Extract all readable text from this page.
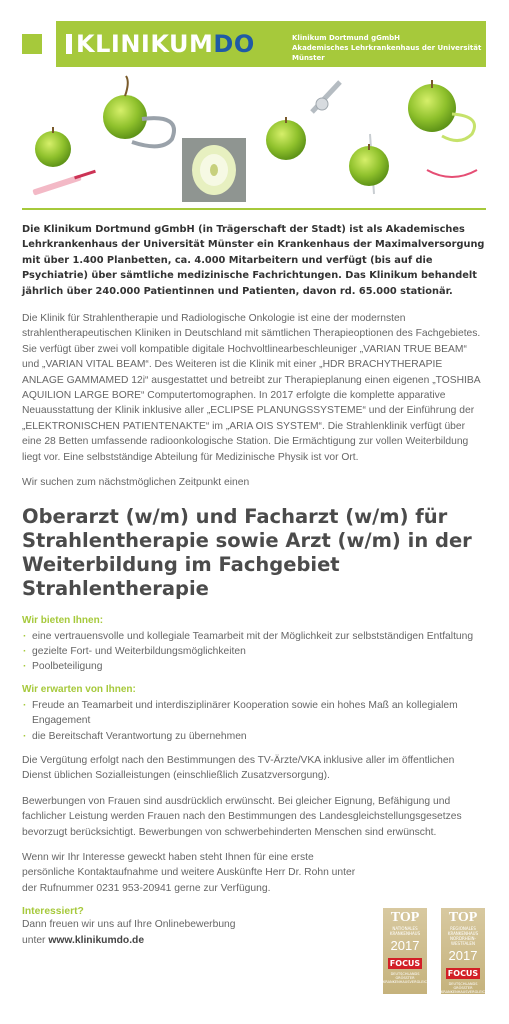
KLINIKUMDO	Klinikum Dortmund gGmbH
Akademisches Lehrkrankenhaus der Universität Münster

Die Klinikum Dortmund gGmbH (in Trägerschaft der Stadt) ist als Akademisches Lehrkrankenhaus der Universität Münster ein Krankenhaus der Maximalversorgung mit über 1.400 Planbetten, ca. 4.000 Mitarbeitern und verfügt (bis auf die Psychiatrie) über sämtliche medizinische Fachrichtungen. Das Klinikum behandelt jährlich über 240.000 Patientinnen und Patienten, davon rd. 65.000 stationär.

Die Klinik für Strahlentherapie und Radiologische Onkologie ist eine der modernsten strahlentherapeutischen Kliniken in Deutschland mit sämtlichen Therapieoptionen des Fachgebietes. Sie verfügt über zwei voll kompatible digitale Hochvoltlinearbeschleuniger „VARIAN TRUE BEAM“ und „VARIAN VITAL BEAM“. Des Weiteren ist die Klinik mit einer „HDR BRACHYTHERAPIE ANLAGE GAMMAMED 12i“ ausgestattet und betreibt zur Therapieplanung einen eigenen „TOSHIBA AQUILION LARGE BORE“ Computertomographen. In 2017 erfolgte die komplette apparative Neuausstattung der Klinik inklusive aller „ECLIPSE PLANUNGSSYSTEME“ und der Einführung der „ELEKTRONISCHEN PATIENTENAKTE“ im „ARIA OIS SYSTEM“. Die Strahlenklinik verfügt über eine 28 Betten umfassende radioonkologische Station. Die Ermächtigung zur vollen Weiterbildung liegt vor. Eine selbstständige Abteilung für Medizinische Physik ist vor Ort.

Wir suchen zum nächstmöglichen Zeitpunkt einen

Oberarzt (w/m) und Facharzt (w/m) für Strahlentherapie sowie Arzt (w/m) in der Weiterbildung im Fachgebiet Strahlentherapie
Wir bieten Ihnen:
· eine vertrauensvolle und kollegiale Teamarbeit mit der Möglichkeit zur selbstständigen Entfaltung
· gezielte Fort- und Weiterbildungsmöglichkeiten
· Poolbeteiligung
Wir erwarten von Ihnen:
· Freude an Teamarbeit und interdisziplinärer Kooperation sowie ein hohes Maß an kollegialem Engagement
· die Bereitschaft Verantwortung zu übernehmen

Die Vergütung erfolgt nach den Bestimmungen des TV-Ärzte/VKA inklusive aller im öffentlichen Dienst üblichen Sozialleistungen (einschließlich Zusatzversorgung).

Bewerbungen von Frauen sind ausdrücklich erwünscht. Bei gleicher Eignung, Befähigung und fachlicher Leistung werden Frauen nach den Bestimmungen des Landesgleichstellungsgesetzes bevorzugt berücksichtigt. Bewerbungen von schwerbehinderten Menschen sind erwünscht.

Wenn wir Ihr Interesse geweckt haben steht Ihnen für eine erste persönliche Kontaktaufnahme und weitere Auskünfte Herr Dr. Rohn unter der Rufnummer 0231 953-20941 gerne zur Verfügung.

Interessiert?

Dann freuen wir uns auf Ihre Onlinebewerbung
unter www.klinikumdo.de

TOP
NATIONALES KRANKENHAUS
2017
FOCUS
DEUTSCHLANDS GRÖSSTER KRANKENHAUSVERGLEICH
TOP
REGIONALES KRANKENHAUS NORDRHEIN-WESTFALEN
2017
FOCUS
DEUTSCHLANDS GRÖSSTER KRANKENHAUSVERGLEICH
